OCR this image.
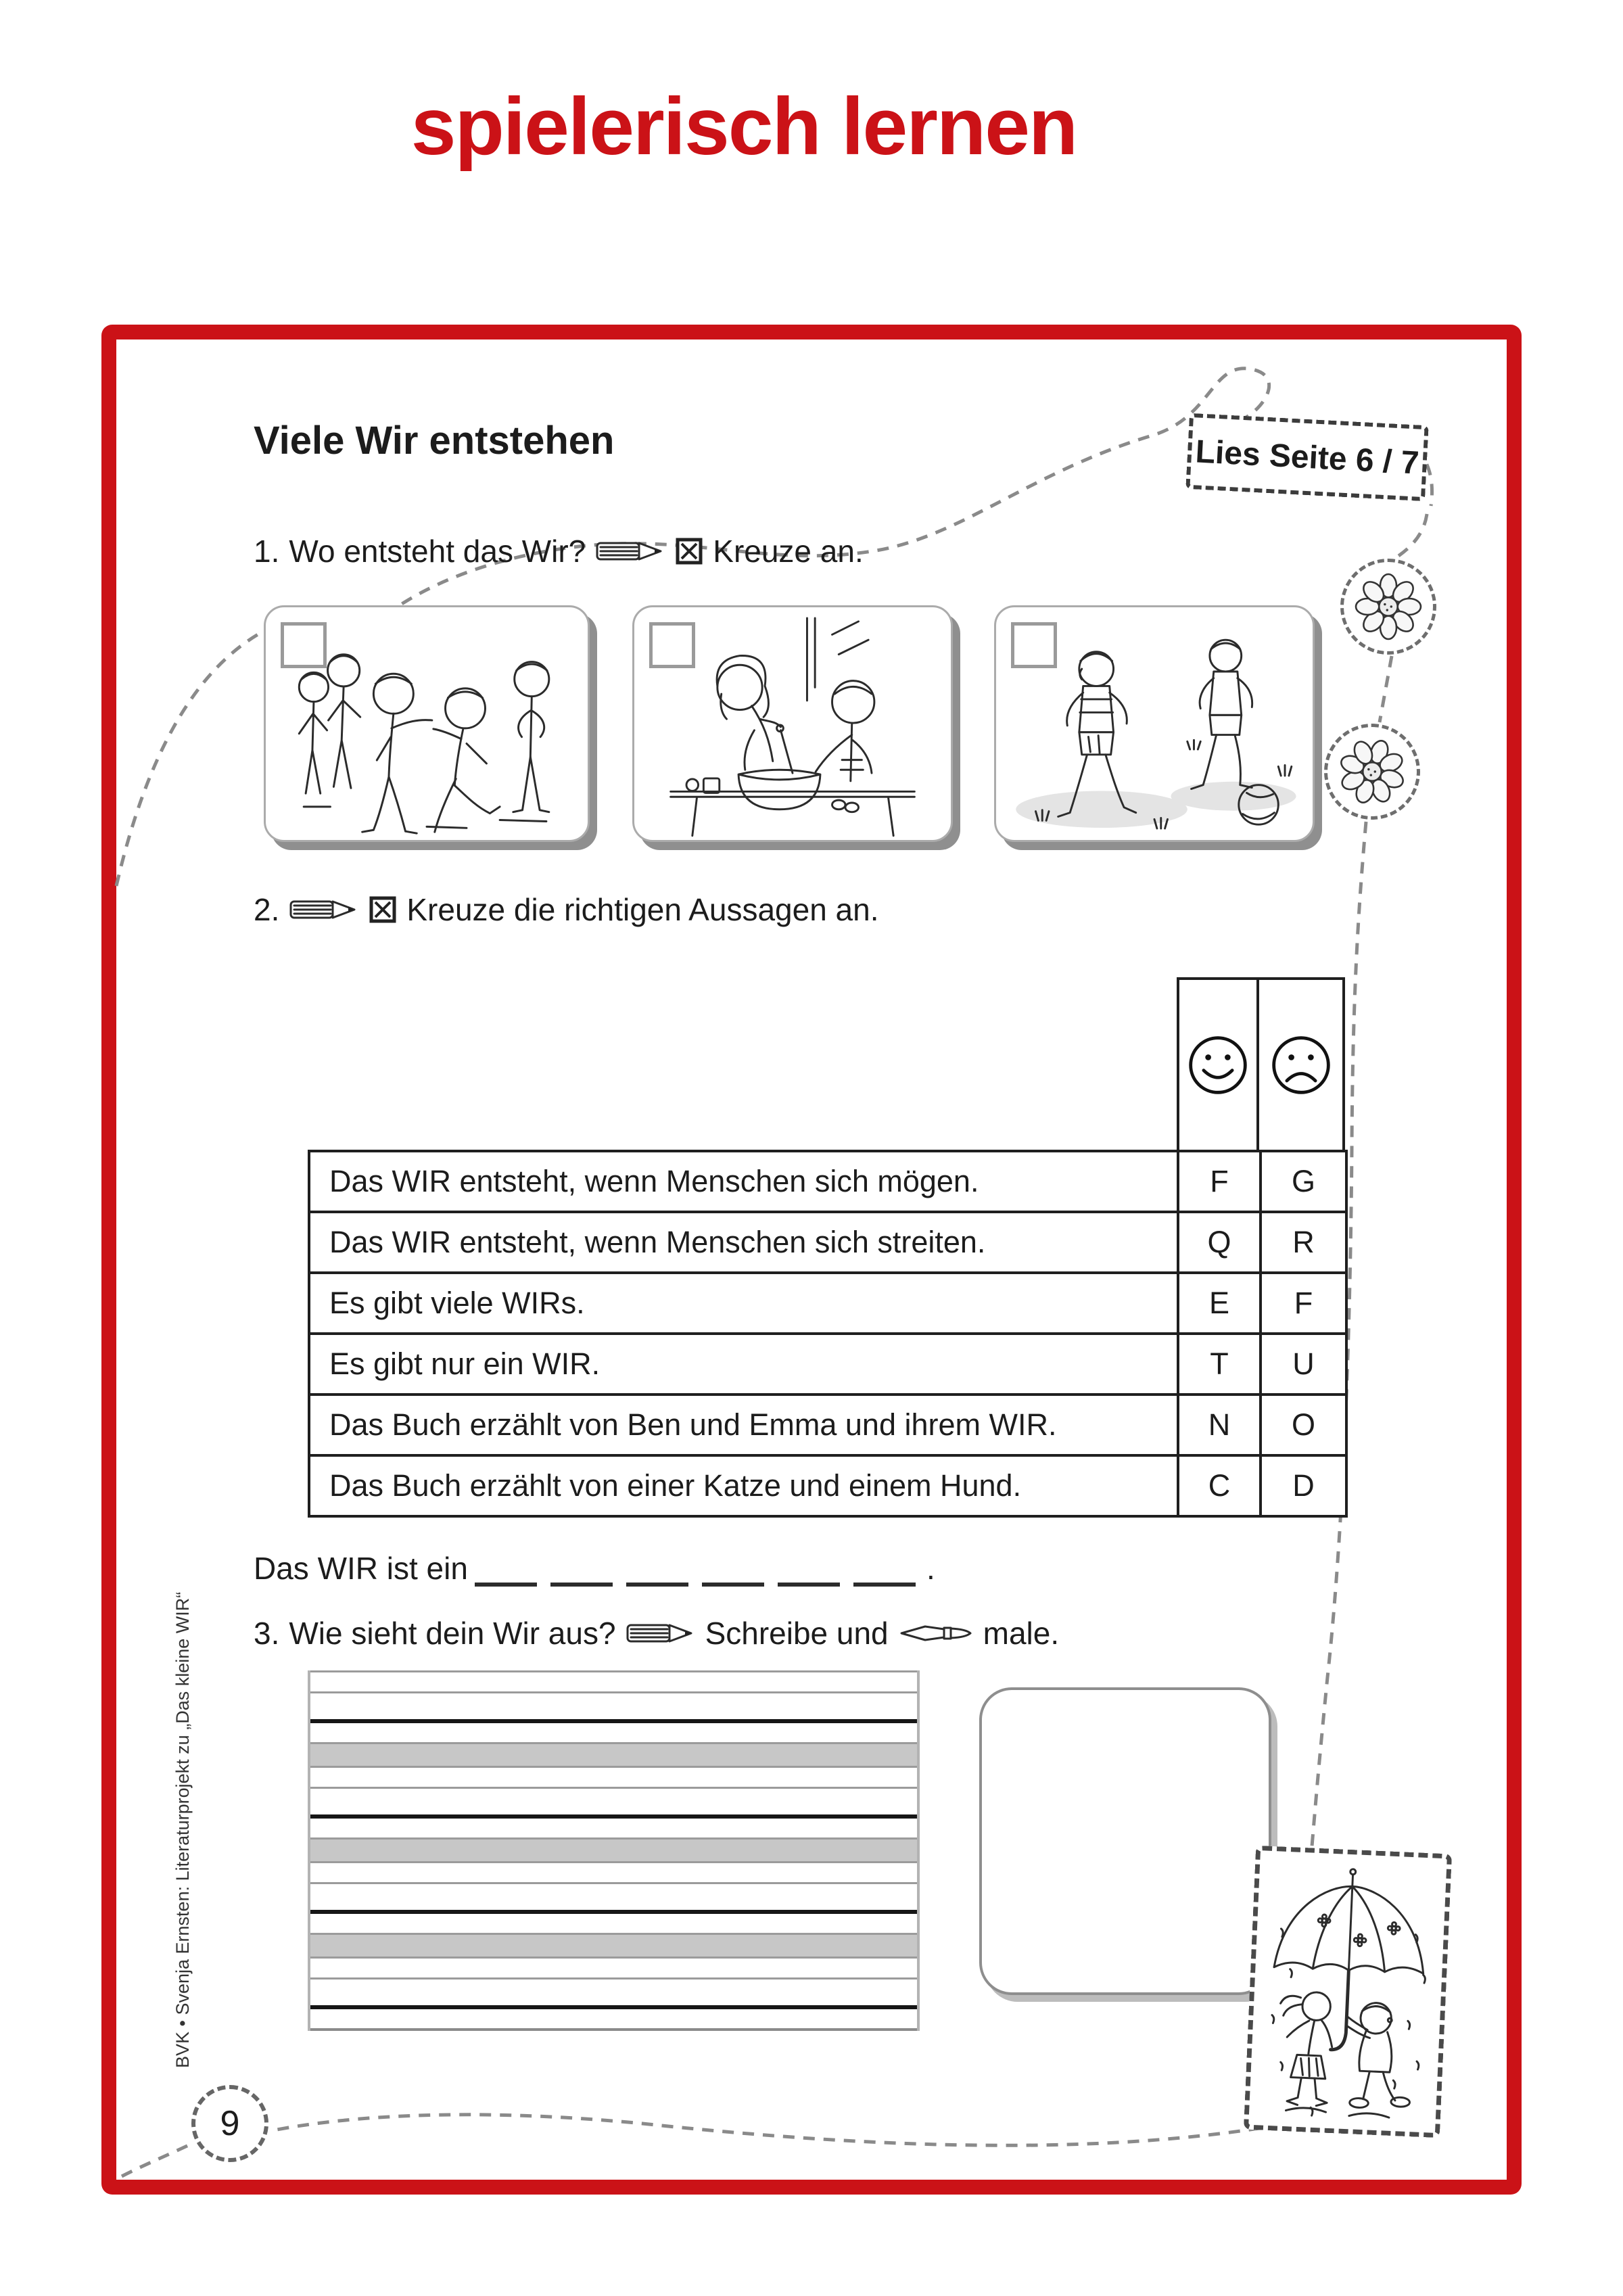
spielerisch lernen
Viele Wir entstehen	Lies Seite 6 / 7
1. Wo entsteht das Wir?	Kreuze an.
2.	Kreuze die richtigen Aussagen an.
Das WIR entsteht, wenn Menschen sich mögen.	F	G
Das WIR entsteht, wenn Menschen sich streiten.	Q	R
Es gibt viele WIRs.	E	F
Es gibt nur ein WIR.	T	U
Das Buch erzählt von Ben und Emma und ihrem WIR.	N	O
Das Buch erzählt von einer Katze und einem Hund.	C	D
Das WIR ist ein	.
3. Wie sieht dein Wir aus?	Schreibe und	male.
9
BVK • Svenja Ernsten: Literaturprojekt zu „Das kleine WIR“
